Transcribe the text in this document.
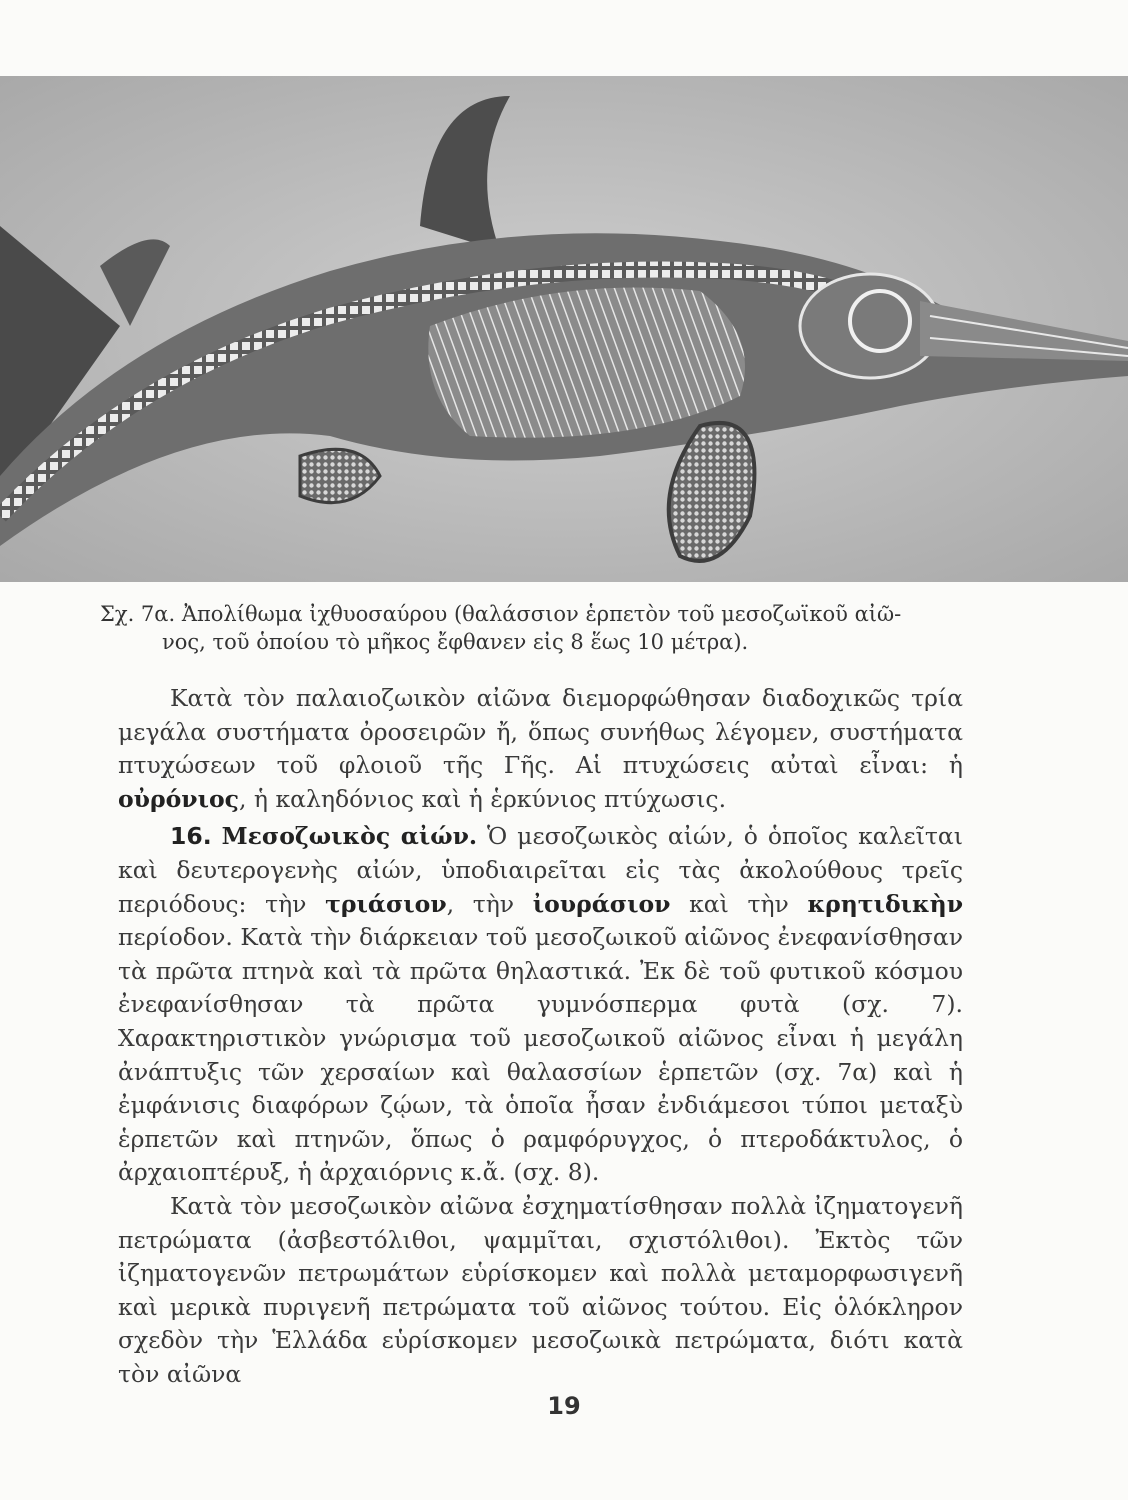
Σχ. 7α. Ἀπολίθωμα ἰχθυοσαύρου (θαλάσσιον ἑρπετὸν τοῦ μεσοζωϊκοῦ αἰῶ-
νος, τοῦ ὁποίου τὸ μῆκος ἔφθανεν εἰς 8 ἕως 10 μέτρα).

Κατὰ τὸν παλαιοζωικὸν αἰῶνα διεμορφώθησαν διαδοχικῶς τρία μεγάλα συστήματα ὀροσειρῶν ἤ, ὅπως συνήθως λέγομεν, συστήματα πτυχώσεων τοῦ φλοιοῦ τῆς Γῆς. Αἱ πτυχώσεις αὐταὶ εἶναι: ἡ οὐρόνιος, ἡ καληδόνιος καὶ ἡ ἑρκύνιος πτύχωσις.

16. Μεσοζωικὸς αἰών. Ὁ μεσοζωικὸς αἰών, ὁ ὁποῖος καλεῖται καὶ δευτερογενὴς αἰών, ὑποδιαιρεῖται εἰς τὰς ἀκολούθους τρεῖς περιόδους: τὴν τριάσιον, τὴν ἰουράσιον καὶ τὴν κρητιδικὴν περίοδον. Κατὰ τὴν διάρκειαν τοῦ μεσοζωικοῦ αἰῶνος ἐνεφανίσθησαν τὰ πρῶτα πτηνὰ καὶ τὰ πρῶτα θηλαστικά. Ἐκ δὲ τοῦ φυτικοῦ κόσμου ἐνεφανίσθησαν τὰ πρῶτα γυμνόσπερμα φυτὰ (σχ. 7). Χαρακτηριστικὸν γνώρισμα τοῦ μεσοζωικοῦ αἰῶνος εἶναι ἡ μεγάλη ἀνάπτυξις τῶν χερσαίων καὶ θαλασσίων ἑρπετῶν (σχ. 7α) καὶ ἡ ἐμφάνισις διαφόρων ζῴων, τὰ ὁποῖα ἦσαν ἐνδιάμεσοι τύποι μεταξὺ ἑρπετῶν καὶ πτηνῶν, ὅπως ὁ ραμφόρυγχος, ὁ πτεροδάκτυλος, ὁ ἀρχαιοπτέρυξ, ἡ ἀρχαιόρνις κ.ἄ. (σχ. 8).

Κατὰ τὸν μεσοζωικὸν αἰῶνα ἐσχηματίσθησαν πολλὰ ἰζηματογενῆ πετρώματα (ἀσβεστόλιθοι, ψαμμῖται, σχιστόλιθοι). Ἐκτὸς τῶν ἰζηματογενῶν πετρωμάτων εὑρίσκομεν καὶ πολλὰ μεταμορφωσιγενῆ καὶ μερικὰ πυριγενῆ πετρώματα τοῦ αἰῶνος τούτου. Εἰς ὁλόκληρον σχεδὸν τὴν Ἑλλάδα εὑρίσκομεν μεσοζωικὰ πετρώματα, διότι κατὰ τὸν αἰῶνα

19
